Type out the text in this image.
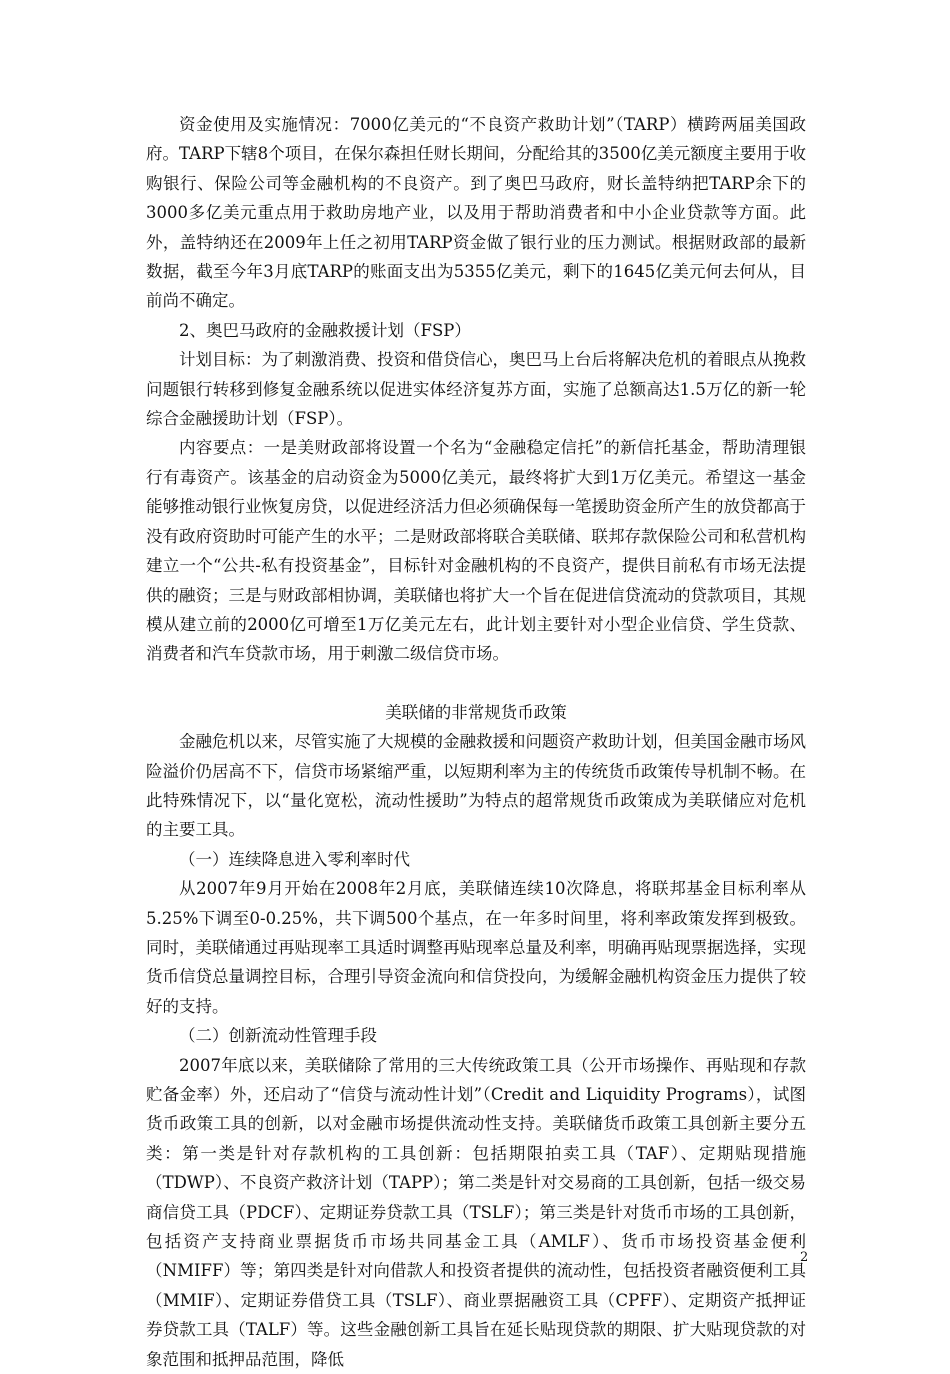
资金使用及实施情况：7000亿美元的“不良资产救助计划”（TARP）横跨两届美国政府。TARP下辖8个项目，在保尔森担任财长期间，分配给其的3500亿美元额度主要用于收购银行、保险公司等金融机构的不良资产。到了奥巴马政府，财长盖特纳把TARP余下的3000多亿美元重点用于救助房地产业，以及用于帮助消费者和中小企业贷款等方面。此外，盖特纳还在2009年上任之初用TARP资金做了银行业的压力测试。根据财政部的最新数据，截至今年3月底TARP的账面支出为5355亿美元，剩下的1645亿美元何去何从，目前尚不确定。

2、奥巴马政府的金融救援计划（FSP）

计划目标：为了刺激消费、投资和借贷信心，奥巴马上台后将解决危机的着眼点从挽救问题银行转移到修复金融系统以促进实体经济复苏方面，实施了总额高达1.5万亿的新一轮综合金融援助计划（FSP）。

内容要点：一是美财政部将设置一个名为“金融稳定信托”的新信托基金，帮助清理银行有毒资产。该基金的启动资金为5000亿美元，最终将扩大到1万亿美元。希望这一基金能够推动银行业恢复房贷，以促进经济活力但必须确保每一笔援助资金所产生的放贷都高于没有政府资助时可能产生的水平；二是财政部将联合美联储、联邦存款保险公司和私营机构建立一个“公共-私有投资基金”，目标针对金融机构的不良资产，提供目前私有市场无法提供的融资；三是与财政部相协调，美联储也将扩大一个旨在促进信贷流动的贷款项目，其规模从建立前的2000亿可增至1万亿美元左右，此计划主要针对小型企业信贷、学生贷款、消费者和汽车贷款市场，用于刺激二级信贷市场。

美联储的非常规货币政策

金融危机以来，尽管实施了大规模的金融救援和问题资产救助计划，但美国金融市场风险溢价仍居高不下，信贷市场紧缩严重，以短期利率为主的传统货币政策传导机制不畅。在此特殊情况下，以“量化宽松，流动性援助”为特点的超常规货币政策成为美联储应对危机的主要工具。

（一）连续降息进入零利率时代

从2007年9月开始在2008年2月底，美联储连续10次降息，将联邦基金目标利率从5.25%下调至0-0.25%，共下调500个基点，在一年多时间里，将利率政策发挥到极致。同时，美联储通过再贴现率工具适时调整再贴现率总量及利率，明确再贴现票据选择，实现货币信贷总量调控目标，合理引导资金流向和信贷投向，为缓解金融机构资金压力提供了较好的支持。

（二）创新流动性管理手段

2007年底以来，美联储除了常用的三大传统政策工具（公开市场操作、再贴现和存款贮备金率）外，还启动了“信贷与流动性计划”（Credit and Liquidity Programs），试图货币政策工具的创新，以对金融市场提供流动性支持。美联储货币政策工具创新主要分五类：第一类是针对存款机构的工具创新：包括期限拍卖工具（TAF）、定期贴现措施（TDWP）、不良资产救济计划（TAPP）；第二类是针对交易商的工具创新，包括一级交易商信贷工具（PDCF）、定期证券贷款工具（TSLF）；第三类是针对货币市场的工具创新，包括资产支持商业票据货币市场共同基金工具（AMLF）、货币市场投资基金便利（NMIFF）等；第四类是针对向借款人和投资者提供的流动性，包括投资者融资便利工具（MMIF）、定期证券借贷工具（TSLF）、商业票据融资工具（CPFF）、定期资产抵押证券贷款工具（TALF）等。这些金融创新工具旨在延长贴现贷款的期限、扩大贴现贷款的对象范围和抵押品范围，降低

2
